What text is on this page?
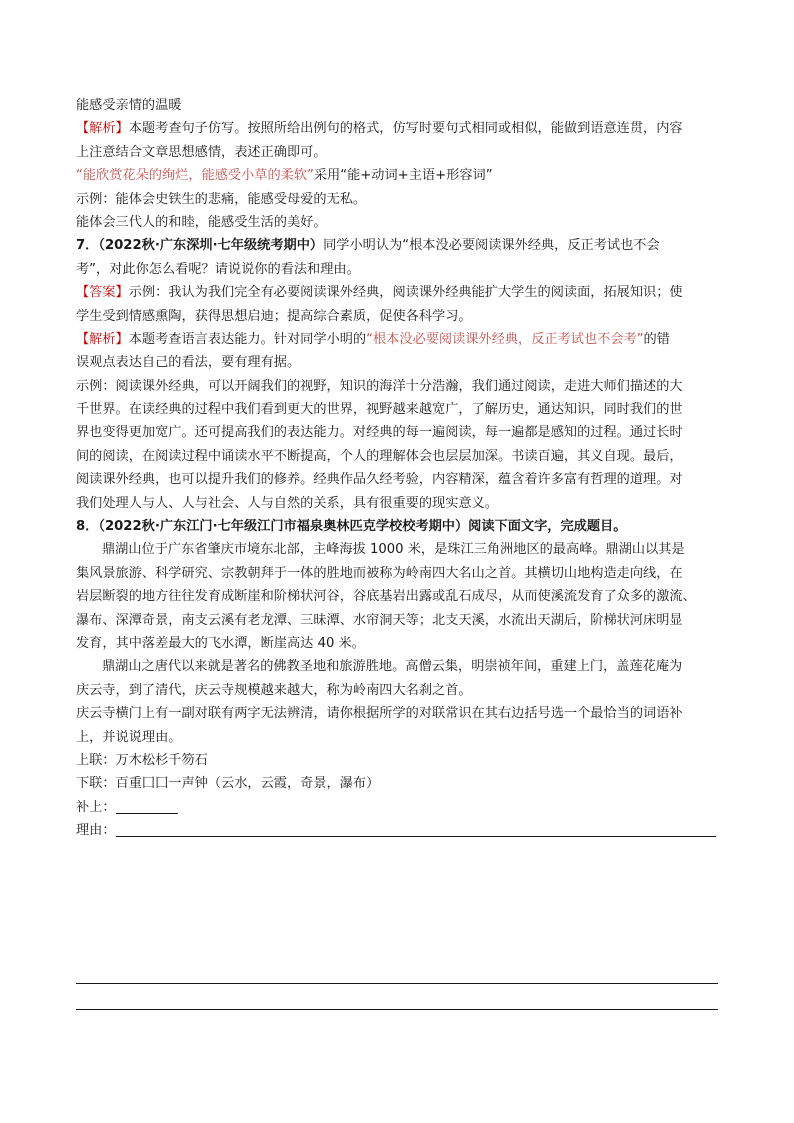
能感受亲情的温暖
【解析】本题考查句子仿写。按照所给出例句的格式，仿写时要句式相同或相似，能做到语意连贯，内容
上注意结合文章思想感情，表述正确即可。
“能欣赏花朵的绚烂，能感受小草的柔软”采用“能+动词+主语+形容词”
示例：能体会史铁生的悲痛，能感受母爱的无私。
能体会三代人的和睦，能感受生活的美好。
7．（2022秋·广东深圳·七年级统考期中）同学小明认为“根本没必要阅读课外经典，反正考试也不会
考”，对此你怎么看呢？请说说你的看法和理由。
【答案】示例：我认为我们完全有必要阅读课外经典，阅读课外经典能扩大学生的阅读面，拓展知识；使
学生受到情感熏陶，获得思想启迪；提高综合素质，促使各科学习。
【解析】本题考查语言表达能力。针对同学小明的“根本没必要阅读课外经典，反正考试也不会考”的错
误观点表达自己的看法，要有理有据。
示例：阅读课外经典，可以开阔我们的视野，知识的海洋十分浩瀚，我们通过阅读，走进大师们描述的大
千世界。在读经典的过程中我们看到更大的世界，视野越来越宽广，了解历史，通达知识，同时我们的世
界也变得更加宽广。还可提高我们的表达能力。对经典的每一遍阅读，每一遍都是感知的过程。通过长时
间的阅读，在阅读过程中诵读水平不断提高，个人的理解体会也层层加深。书读百遍，其义自现。最后，
阅读课外经典，也可以提升我们的修养。经典作品久经考验，内容精深，蕴含着许多富有哲理的道理。对
我们处理人与人、人与社会、人与自然的关系，具有很重要的现实意义。
8．（2022秋·广东江门·七年级江门市福泉奥林匹克学校校考期中）阅读下面文字，完成题目。
鼎湖山位于广东省肇庆市境东北部，主峰海拔 1000 米，是珠江三角洲地区的最高峰。鼎湖山以其是
集风景旅游、科学研究、宗教朝拜于一体的胜地而被称为岭南四大名山之首。其横切山地构造走向线，在
岩层断裂的地方往往发育成断崖和阶梯状河谷，谷底基岩出露或乱石成尽，从而使溪流发育了众多的激流、
瀑布、深潭奇景，南支云溪有老龙潭、三昧潭、水帘洞天等；北支天溪，水流出天湖后，阶梯状河床明显
发育，其中落差最大的飞水潭，断崖高达 40 米。
鼎湖山之唐代以来就是著名的佛教圣地和旅游胜地。高僧云集，明崇祯年间，重建上门，盖莲花庵为
庆云寺，到了清代，庆云寺规模越来越大，称为岭南四大名刹之首。
庆云寺横门上有一副对联有两字无法辨清，请你根据所学的对联常识在其右边括号选一个最恰当的词语补
上，并说说理由。
上联：万木松杉千笏石
下联：百重囗囗一声钟（云水，云霞，奇景，瀑布）
补上：
理由：
